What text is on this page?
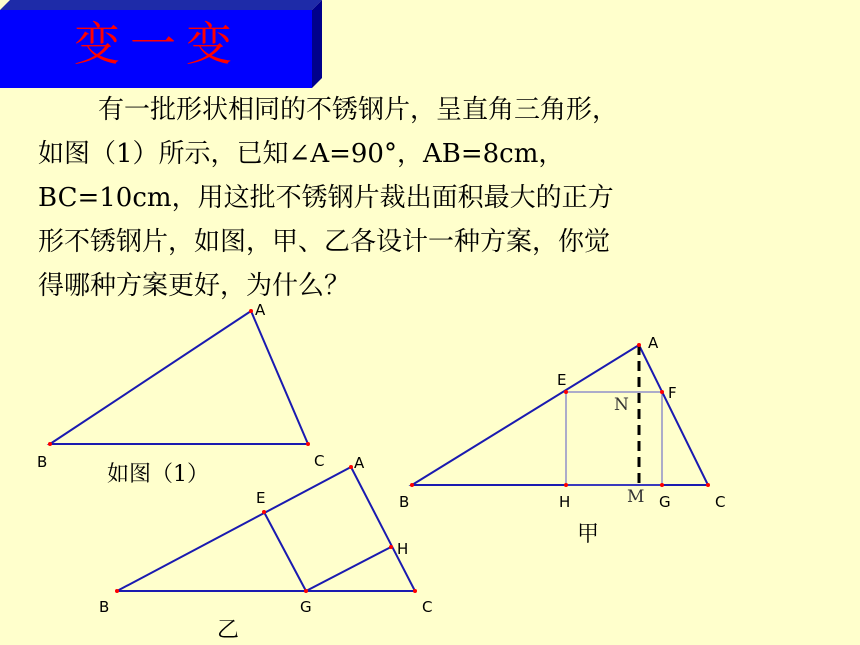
变一变
有一批形状相同的不锈钢片，呈直角三角形，
如图（1）所示，已知∠A=90°，AB=8cm，
BC=10cm，用这批不锈钢片裁出面积最大的正方
形不锈钢片，如图，甲、乙各设计一种方案，你觉
得哪种方案更好，为什么？
A
B	C
如图（1）
A
B	C
E
F
H	G
M
N
甲
A
B	C
E
G
H
乙
